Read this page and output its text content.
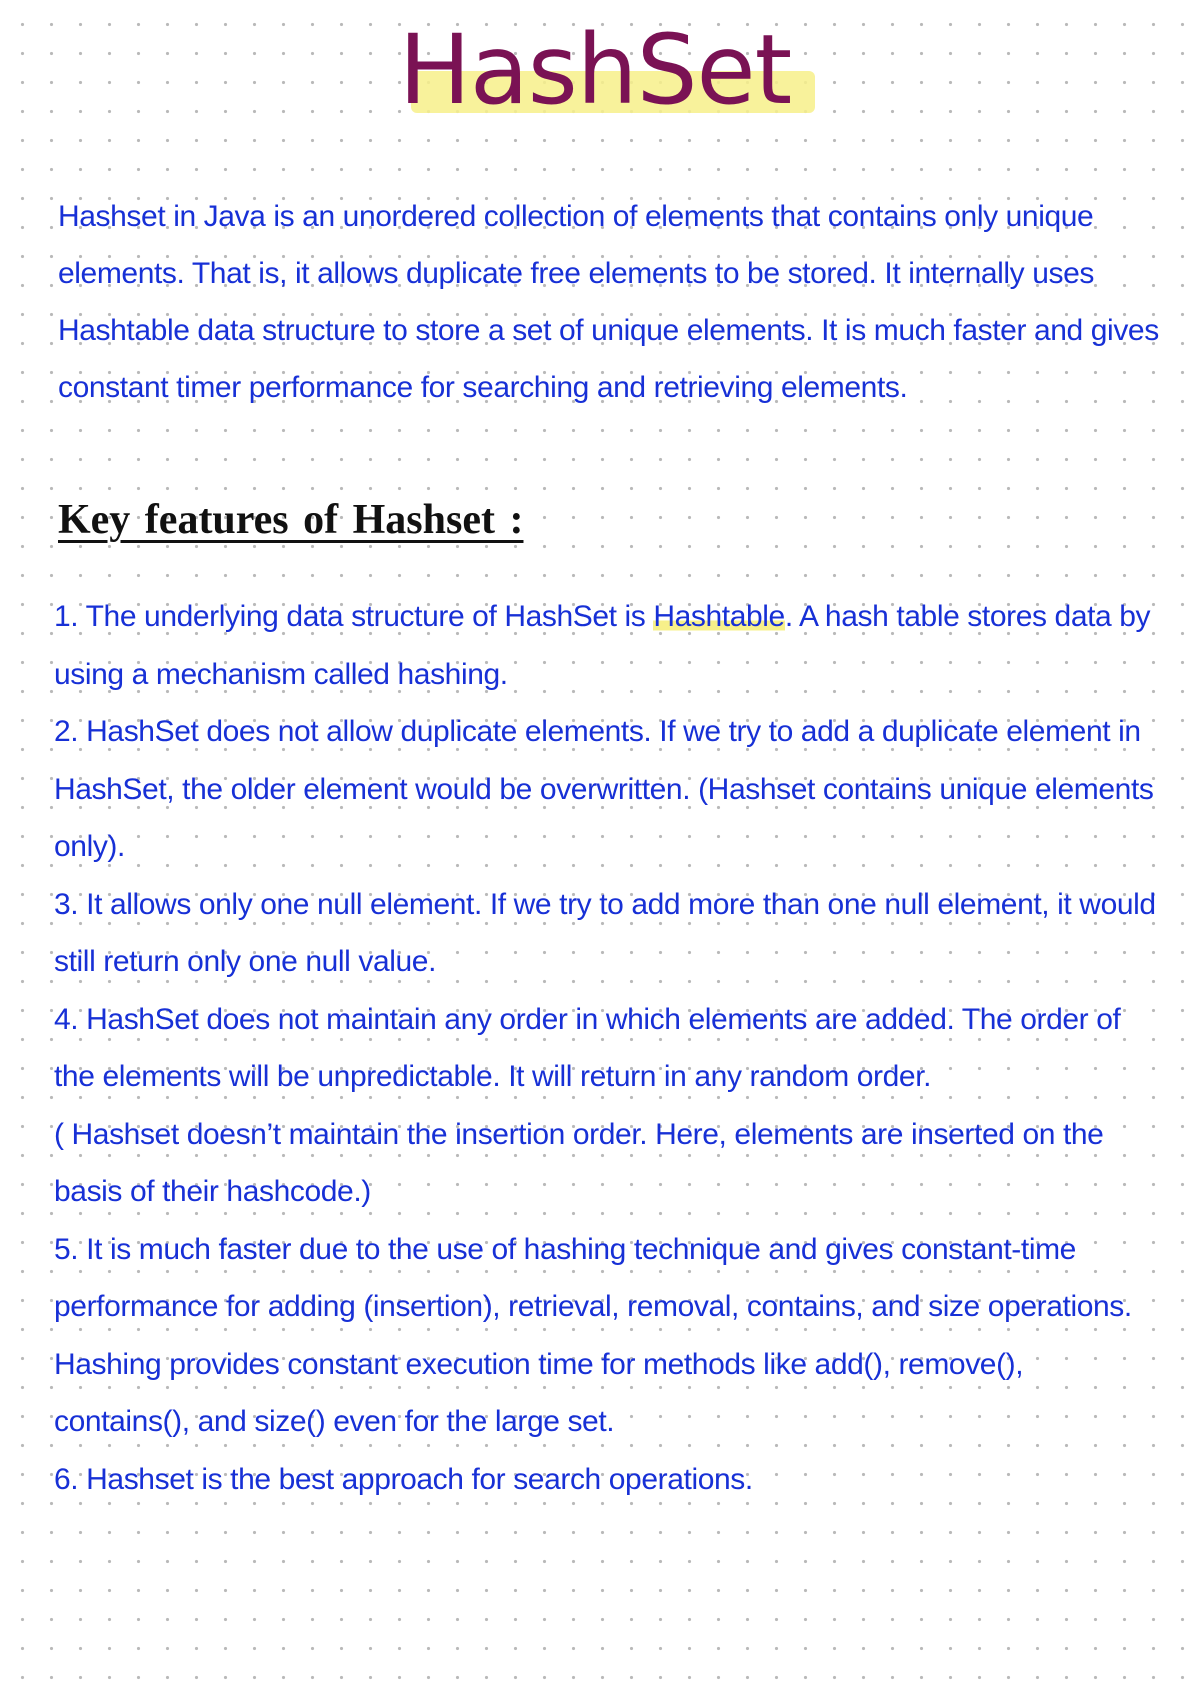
HashSet
Hashset in Java is an unordered collection of elements that contains only unique elements. That is, it allows duplicate free elements to be stored. It internally uses Hashtable data structure to store a set of unique elements. It is much faster and gives constant timer performance for searching and retrieving elements.
Key features of Hashset :

1. The underlying data structure of HashSet is Hashtable. A hash table stores data by using a mechanism called hashing.

2. HashSet does not allow duplicate elements. If we try to add a duplicate element in HashSet, the older element would be overwritten. (Hashset contains unique elements only).

3. It allows only one null element. If we try to add more than one null element, it would still return only one null value.

4. HashSet does not maintain any order in which elements are added. The order of the elements will be unpredictable. It will return in any random order.

( Hashset doesn’t maintain the insertion order. Here, elements are inserted on the basis of their hashcode.)

5. It is much faster due to the use of hashing technique and gives constant-time performance for adding (insertion), retrieval, removal, contains, and size operations.

Hashing provides constant execution time for methods like add(), remove(), contains(), and size() even for the large set.

6. Hashset is the best approach for search operations.
